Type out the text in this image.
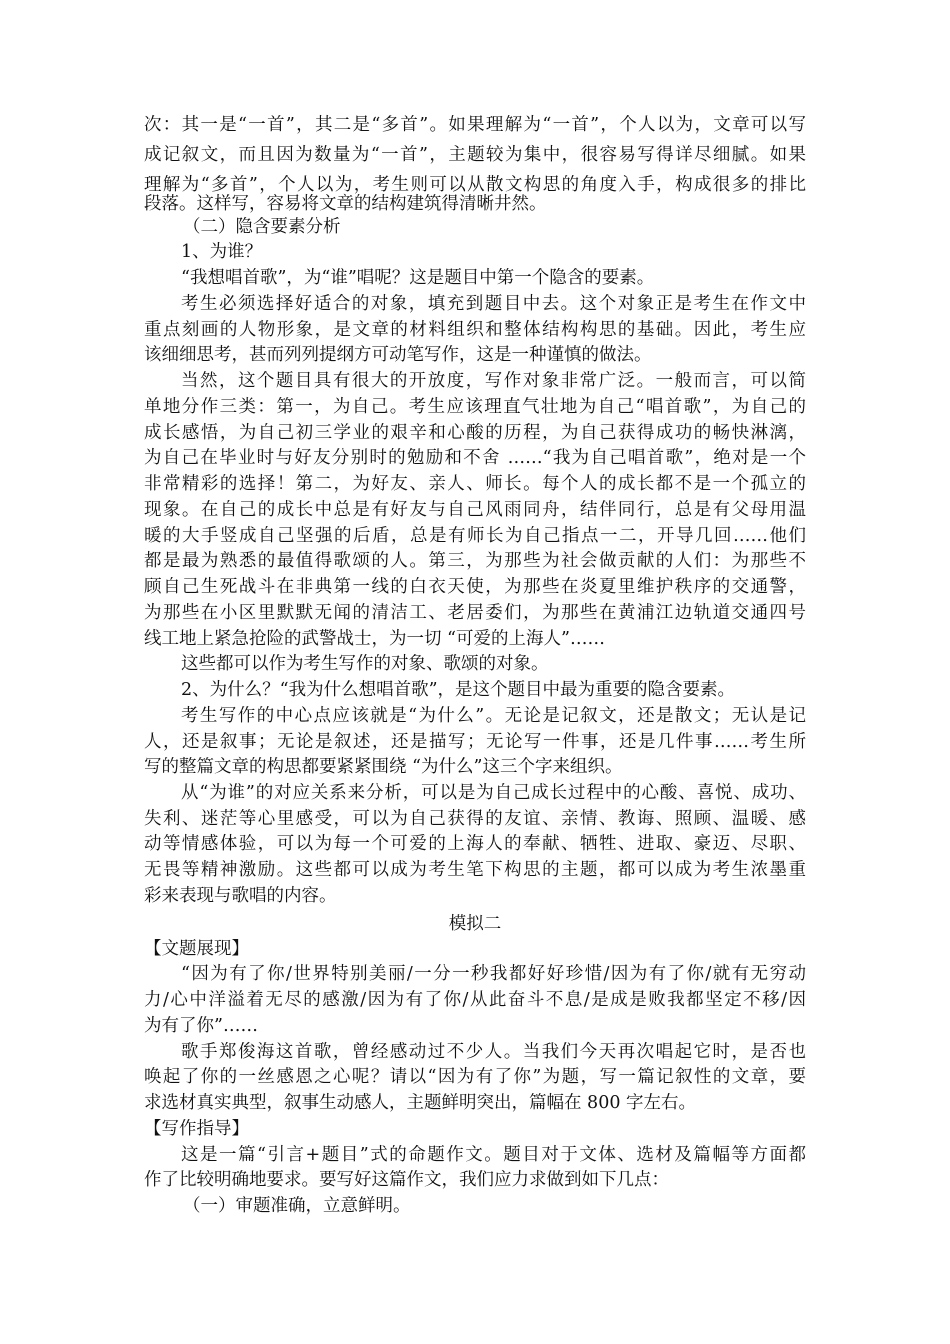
次：其一是“一首”，其二是“多首”。如果理解为“一首”，个人以为，文章可以写
成记叙文，而且因为数量为“一首”，主题较为集中，很容易写得详尽细腻。如果
理解为“多首”，个人以为，考生则可以从散文构思的角度入手，构成很多的排比
段落。这样写，容易将文章的结构建筑得清晰井然。
（二）隐含要素分析
1、为谁？
“我想唱首歌”，为“谁”唱呢？这是题目中第一个隐含的要素。
考生必须选择好适合的对象，填充到题目中去。这个对象正是考生在作文中
重点刻画的人物形象，是文章的材料组织和整体结构构思的基础。因此，考生应
该细细思考，甚而列列提纲方可动笔写作，这是一种谨慎的做法。
当然，这个题目具有很大的开放度，写作对象非常广泛。一般而言，可以简
单地分作三类：第一，为自己。考生应该理直气壮地为自己“唱首歌”，为自己的
成长感悟，为自己初三学业的艰辛和心酸的历程，为自己获得成功的畅快淋漓，
为自己在毕业时与好友分别时的勉励和不舍 ……“我为自己唱首歌”，绝对是一个
非常精彩的选择！第二，为好友、亲人、师长。每个人的成长都不是一个孤立的
现象。在自己的成长中总是有好友与自己风雨同舟，结伴同行，总是有父母用温
暖的大手竖成自己坚强的后盾，总是有师长为自己指点一二，开导几回……他们
都是最为熟悉的最值得歌颂的人。第三，为那些为社会做贡献的人们：为那些不
顾自己生死战斗在非典第一线的白衣天使，为那些在炎夏里维护秩序的交通警，
为那些在小区里默默无闻的清洁工、老居委们，为那些在黄浦江边轨道交通四号
线工地上紧急抢险的武警战士，为一切 “可爱的上海人”……
这些都可以作为考生写作的对象、歌颂的对象。
2、为什么？“我为什么想唱首歌”，是这个题目中最为重要的隐含要素。
考生写作的中心点应该就是“为什么”。无论是记叙文，还是散文；无认是记
人，还是叙事；无论是叙述，还是描写；无论写一件事，还是几件事……考生所
写的整篇文章的构思都要紧紧围绕 “为什么”这三个字来组织。
从“为谁”的对应关系来分析，可以是为自己成长过程中的心酸、喜悦、成功、
失利、迷茫等心里感受，可以为自己获得的友谊、亲情、教诲、照顾、温暖、感
动等情感体验，可以为每一个可爱的上海人的奉献、牺牲、进取、豪迈、尽职、
无畏等精神激励。这些都可以成为考生笔下构思的主题，都可以成为考生浓墨重
彩来表现与歌唱的内容。
模拟二
【文题展现】
“因为有了你/世界特别美丽/一分一秒我都好好珍惜/因为有了你/就有无穷动
力/心中洋溢着无尽的感激/因为有了你/从此奋斗不息/是成是败我都坚定不移/因
为有了你”……
歌手郑俊海这首歌，曾经感动过不少人。当我们今天再次唱起它时，是否也
唤起了你的一丝感恩之心呢？请以“因为有了你”为题，写一篇记叙性的文章，要
求选材真实典型，叙事生动感人，主题鲜明突出，篇幅在 800 字左右。
【写作指导】
这是一篇“引言+题目”式的命题作文。题目对于文体、选材及篇幅等方面都
作了比较明确地要求。要写好这篇作文，我们应力求做到如下几点：
（一）审题准确，立意鲜明。
